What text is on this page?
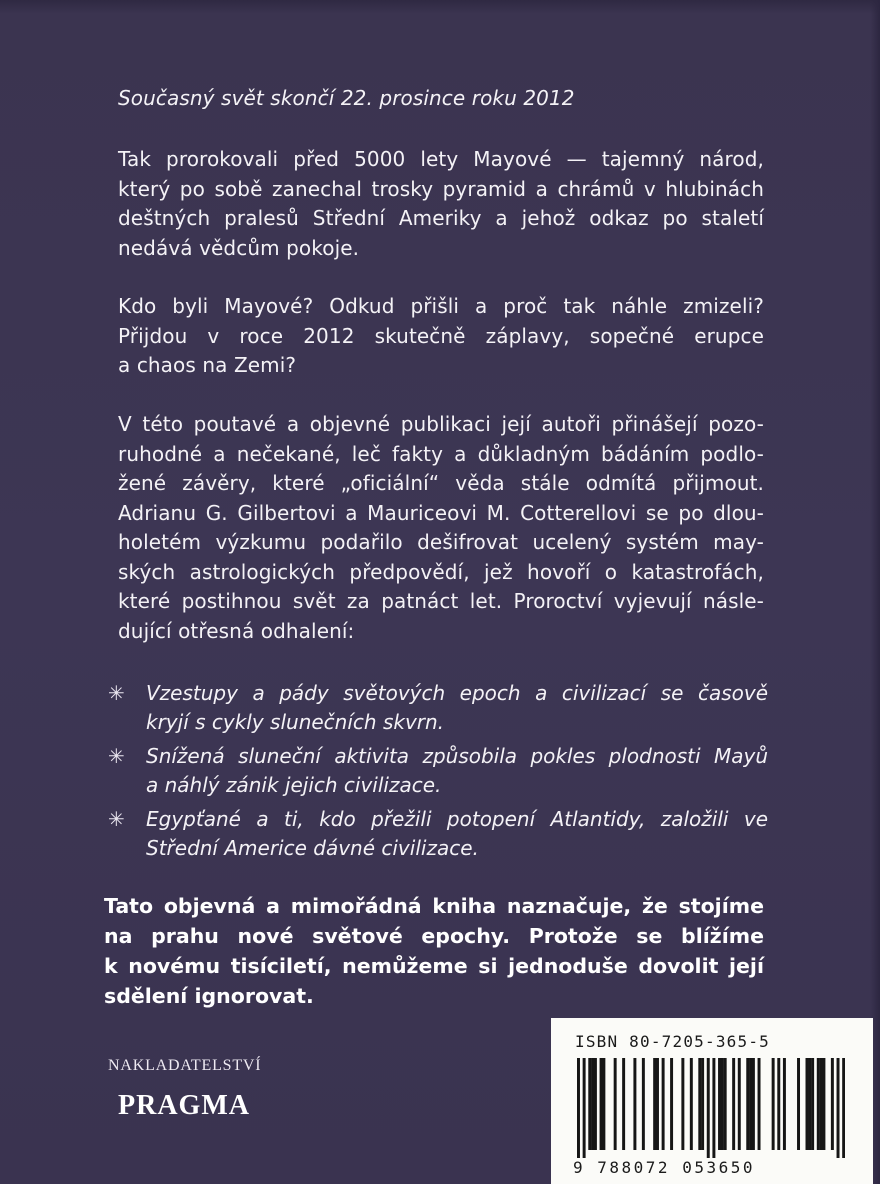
Současný svět skončí 22. prosince roku 2012

Tak prorokovali před 5000 lety Mayové — tajemný národ,
který po sobě zanechal trosky pyramid a chrámů v hlubinách
deštných pralesů Střední Ameriky a jehož odkaz po staletí
nedává vědcům pokoje.

Kdo byli Mayové? Odkud přišli a proč tak náhle zmizeli?
Přijdou v roce 2012 skutečně záplavy, sopečné erupce
a chaos na Zemi?

V této poutavé a objevné publikaci její autoři přinášejí pozo-
ruhodné a nečekané, leč fakty a důkladným bádáním podlo-
žené závěry, které „oficiální“ věda stále odmítá přijmout.
Adrianu G. Gilbertovi a Mauriceovi M. Cotterellovi se po dlou-
holetém výzkumu podařilo dešifrovat ucelený systém may-
ských astrologických předpovědí, jež hovoří o katastrofách,
které postihnou svět za patnáct let. Proroctví vyjevují násle-
dující otřesná odhalení:

✳ Vzestupy a pády světových epoch a civilizací se časově
kryjí s cykly slunečních skvrn.
✳ Snížená sluneční aktivita způsobila pokles plodnosti Mayů
a náhlý zánik jejich civilizace.
✳ Egypťané a ti, kdo přežili potopení Atlantidy, založili ve
Střední Americe dávné civilizace.

Tato objevná a mimořádná kniha naznačuje, že stojíme
na prahu nové světové epochy. Protože se blížíme
k novému tisíciletí, nemůžeme si jednoduše dovolit její
sdělení ignorovat.

NAKLADATELSTVÍ
PRAGMA
ISBN 80-7205-365-5
9 788072 053650
